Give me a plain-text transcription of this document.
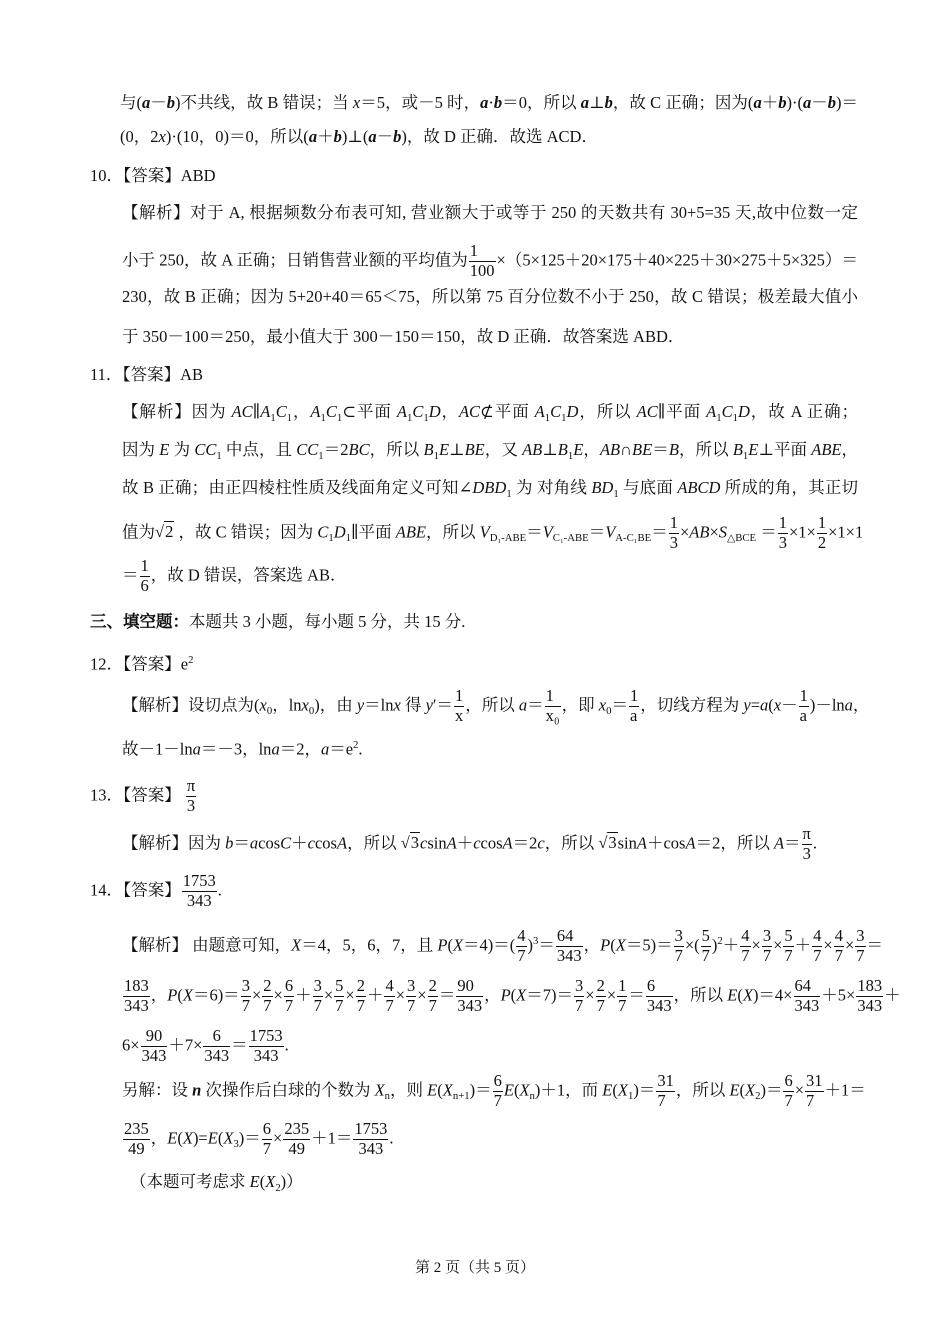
与(a－b)不共线，故 B 错误；当 x＝5，或－5 时，a·b＝0，所以 a⊥b，故 C 正确；因为(a＋b)·(a－b)＝
(0，2x)·(10，0)＝0，所以(a＋b)⊥(a－b)，故 D 正确．故选 ACD．
10．【答案】ABD
【解析】对于 A, 根据频数分布表可知, 营业额大于或等于 250 的天数共有 30+5=35 天,故中位数一定
小于 250，故 A 正确；日销售营业额的平均值为 $\frac{1}{100} \times(5\times 125+20\times 175+40\times 225+30\times 275+5\times 325)=$
230，故 B 正确；因为 5+20+40＝65＜75，所以第 75 百分位数不小于 250，故 C 错误；极差最大值小
于 350－100＝250，最小值大于 300－150＝150，故 D 正确．故答案选 ABD．
11．【答案】AB
【解析】因为 $AC\parallel A_1C_1$，$A_1C_1\subset$平面 $A_1C_1D$，AC⊄平面 $A_1C_1D$，所以 AC∥平面 $A_1C_1D$，故 A 正确；
因为 E 为 $CC_1$ 中点，且 $CC_1=2BC$，所以 $B_1E\perp BE$，又 $AB\perp B_1E$，AB∩BE＝B，所以 $B_1E\perp$平面 ABE，
故 B 正确；由正四棱柱性质及线面角定义可知$\angle DBD_1$ 为 对角线 $BD_1$ 与底面 ABCD 所成的角，其正切
值为√2 ，故 C 错误；因为 $C_1D_1\parallel$平面 ABE，所以 $V_{D_1-ABE}=V_{C_1-ABE}=V_{A-C_1BE}= \frac{1}{3} \times AB\times S_{\triangle BCE} = \frac{1}{3} \times 1\times \frac{1}{2} \times 1\times 1$
＝ $\frac{1}{6}$ ，故 D 错误，答案选 AB．
三、填空题：本题共 3 小题，每小题 5 分，共 15 分.
12．【答案】$e^2$
【解析】设切点为($x_0$，lnx$_0$)，由 y＝lnx 得 $y'= \frac{1}{x}$ ，所以 $a= \frac{1}{\text{x₀}}$ ，即 $x_0= \frac{1}{a}$ ，切线方程为 $y=a(x- \frac{1}{a} )-\ln a$，
故－1－lna＝－3，lna＝2，$a=e^2$.
13．【答案】 $\frac{\pi}{3}$
【解析】因为 b＝acosC＋ccosA，所以 √3csinA＋ccosA＝2c，所以 √3sinA＋cosA＝2，所以 $A= \frac{\pi}{3}$ .
14．【答案】 $\frac{1753}{343}$ .
【解析】 由题意可知，X＝4，5，6，7，且 $P(X=4)=( \frac{4}{7} )^3= \frac{64}{343}$ ，$P(X=5)= \frac{3}{7}$ ×( $\frac{5}{7} )^2+ \frac{4}{7} \times \frac{3}{7} \times \frac{5}{7} + \frac{4}{7} \times \frac{4}{7} \times \frac{3}{7}$ ＝
$\frac{183}{343}$ ，$P(X=6)= \frac{3}{7} \times \frac{2}{7} \times \frac{6}{7} + \frac{3}{7} \times \frac{5}{7} \times \frac{2}{7} + \frac{4}{7} \times \frac{3}{7} \times \frac{2}{7} = \frac{90}{343}$ ，$P(X=7)= \frac{3}{7} \times \frac{2}{7} \times \frac{1}{7} = \frac{6}{343}$ ，所以 $E(X)=4\times \frac{64}{343} +5\times \frac{183}{343}$ ＋
$6\times \frac{90}{343} +7\times \frac{6}{343} = \frac{1753}{343}$ .
另解：设 n 次操作后白球的个数为 $X_n$，则 $E(X_{n+1})= \frac{6}{7} E(X_n)+1$，而 $E(X_1)= \frac{31}{7}$ ，所以 $E(X_2)= \frac{6}{7} \times \frac{31}{7} +1=$
$\frac{235}{49}$ ，$E(X)=E(X_3)= \frac{6}{7} \times \frac{235}{49} +1= \frac{1753}{343}$ .
（本题可考虑求 $E(X_2)$）
第 2 页（共 5 页）
